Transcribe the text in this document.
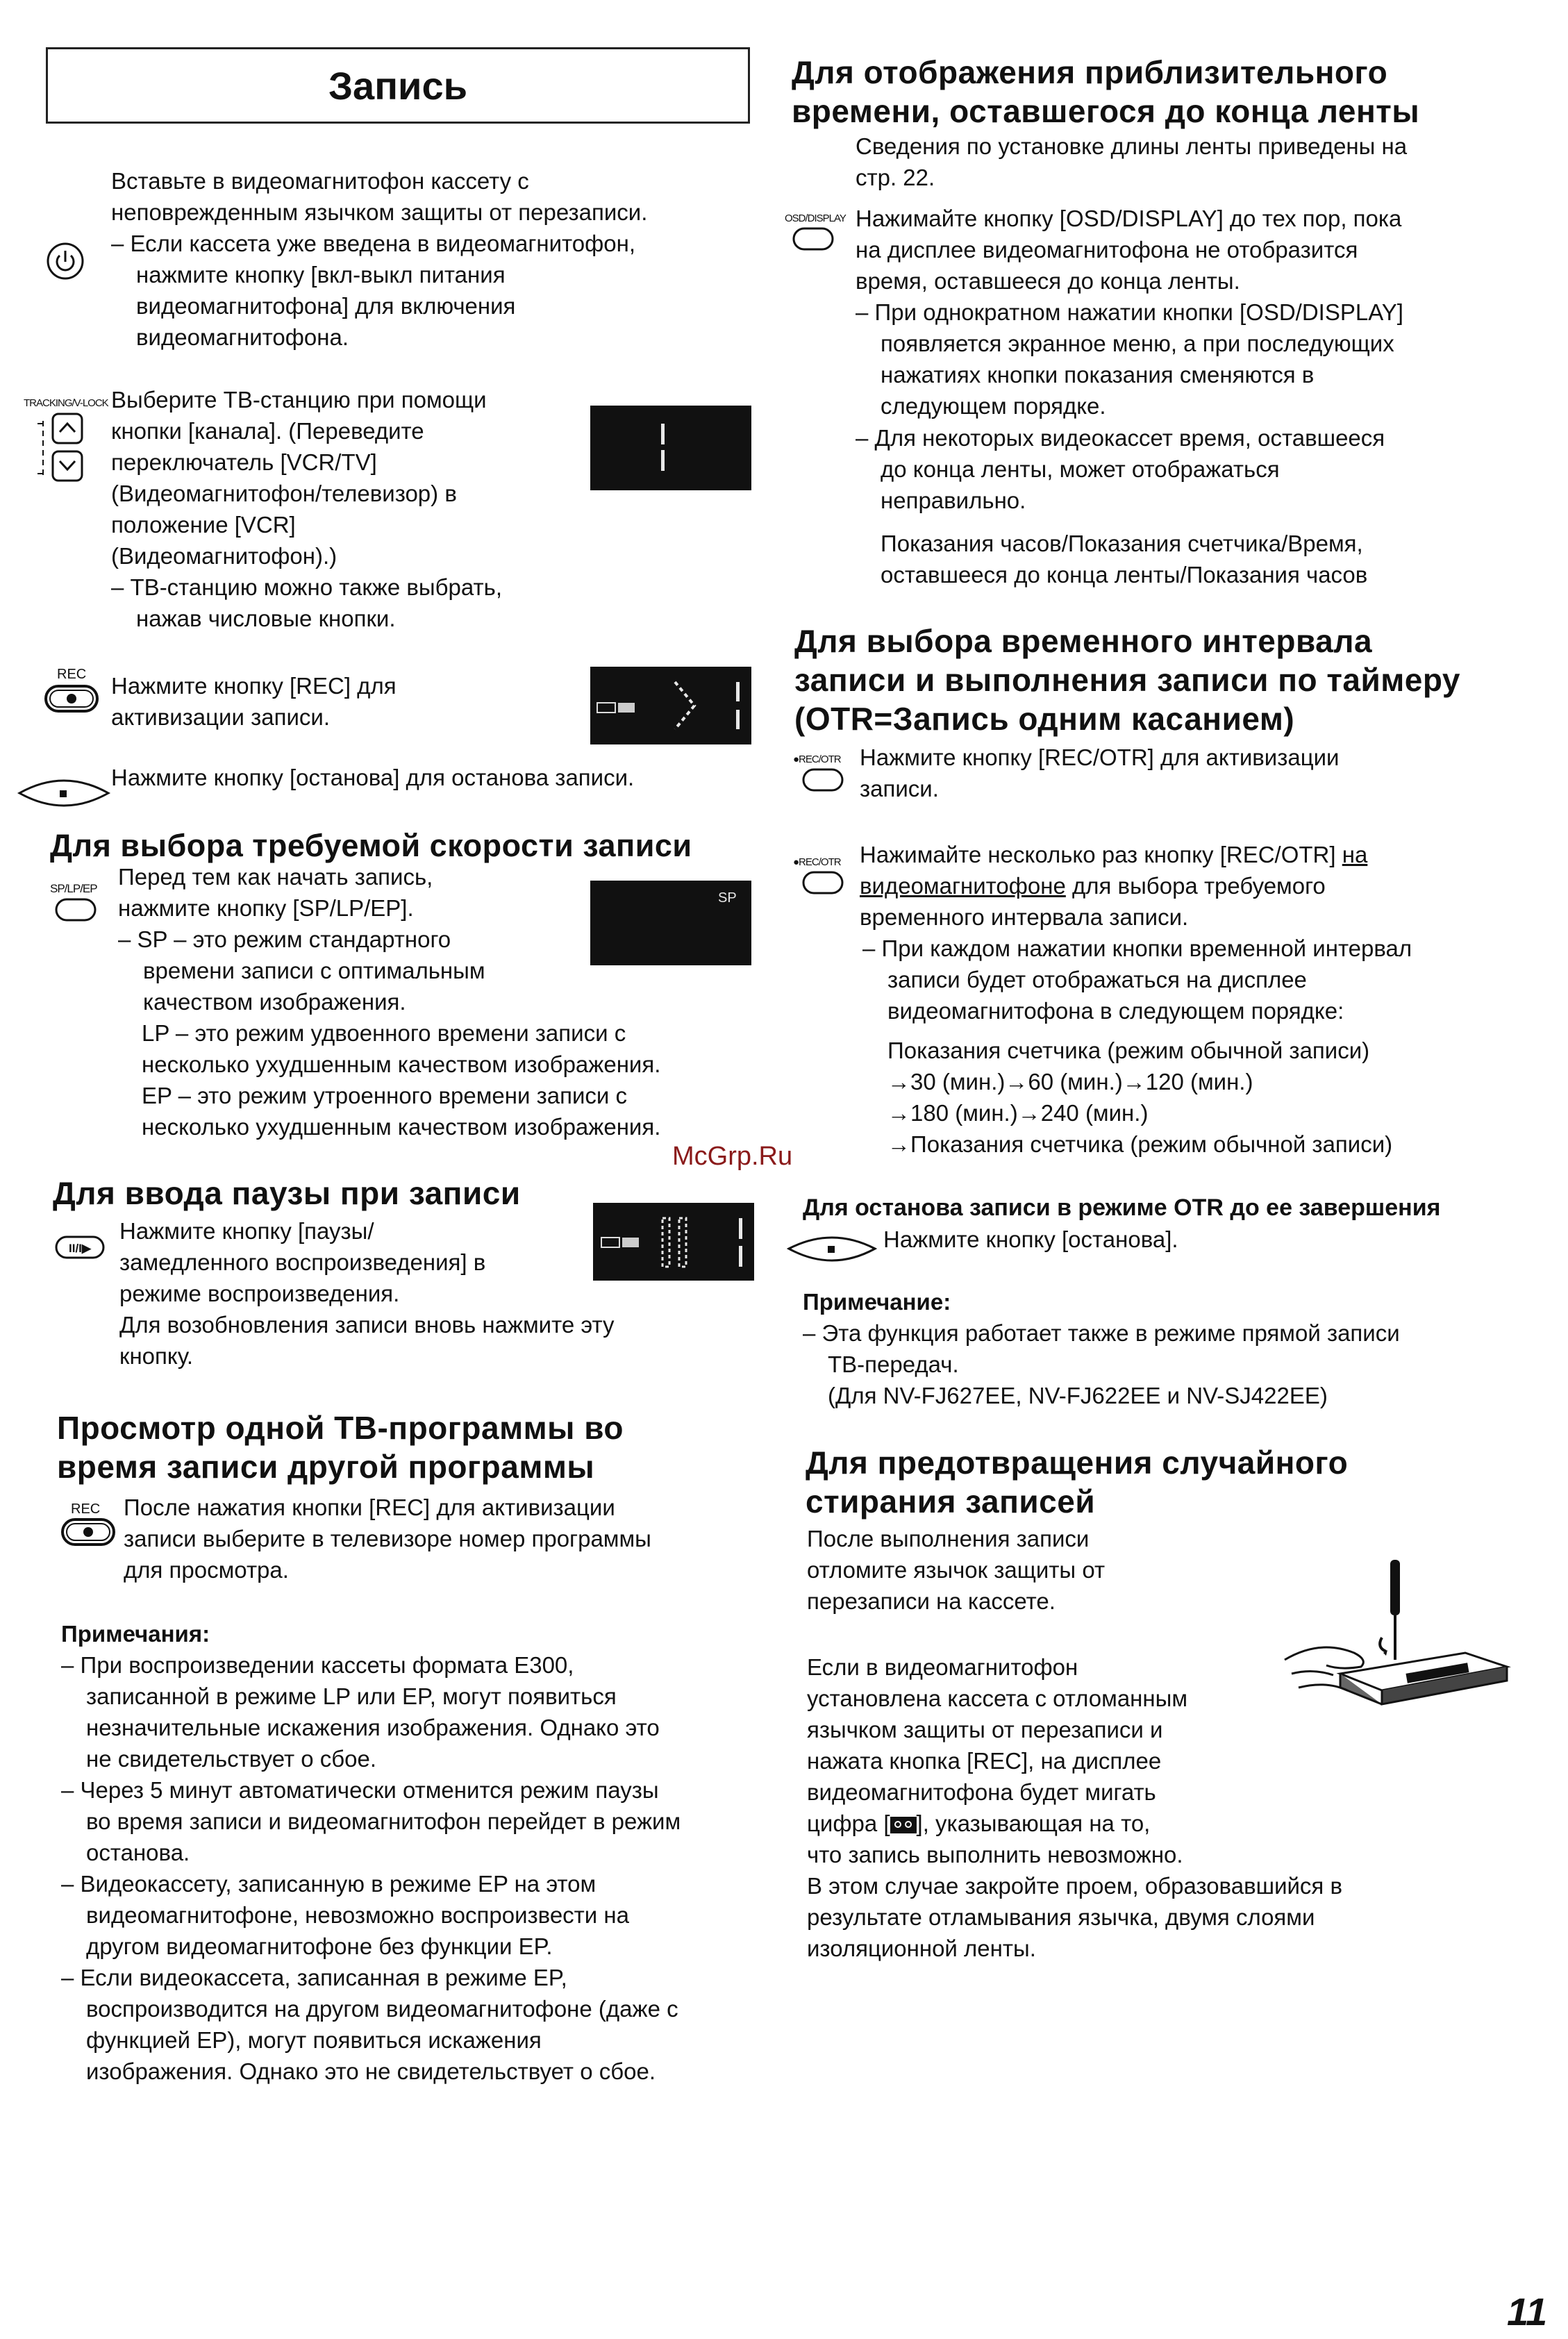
Запись

Вставьте в видеомагнитофон кассету с
неповрежденным язычком защиты от перезаписи.

– Если кассета уже введена в видеомагнитофон,
нажмите кнопку [вкл-выкл питания
видеомагнитофона] для включения
видеомагнитофона.

TRACKING/V-LOCK Выберите ТВ-станцию при помощи
кнопки [канала]. (Переведите
переключатель [VCR/TV]
(Видеомагнитофон/телевизор) в
положение [VCR]
(Видеомагнитофон).)

– ТВ-станцию можно также выбрать,
нажав числовые кнопки.

REC Нажмите кнопку [REC] для
активизации записи.

Нажмите кнопку [останова] для останова записи.

Для выбора требуемой скорости записи
SP/LP/EP Перед тем как начать запись,
нажмите кнопку [SP/LP/EP].	SP

– SP – это режим стандартного
времени записи с оптимальным
качеством изображения.

LP – это режим удвоенного времени записи с
несколько ухудшенным качеством изображения.

EP – это режим утроенного времени записи с
несколько ухудшенным качеством изображения.

Для ввода паузы при записи
II/I▶

Нажмите кнопку [паузы/
замедленного воспроизведения] в
режиме воспроизведения.

Для возобновления записи вновь нажмите эту
кнопку.

Просмотр одной ТВ-программы во
время записи другой программы
REC После нажатия кнопки [REC] для активизации
записи выберите в телевизоре номер программы
для просмотра.

Примечания:

– При воспроизведении кассеты формата E300,
записанной в режиме LP или EP, могут появиться
незначительные искажения изображения. Однако это
не свидетельствует о сбое.

– Через 5 минут автоматически отменится режим паузы
во время записи и видеомагнитофон перейдет в режим
останова.

– Видеокассету, записанную в режиме EP на этом
видеомагнитофоне, невозможно воспроизвести на
другом видеомагнитофоне без функции EP.

– Если видеокассета, записанная в режиме EP,
воспроизводится на другом видеомагнитофоне (даже с
функцией EP), могут появиться искажения
изображения. Однако это не свидетельствует о сбое.

Для отображения приблизительного
времени, оставшегося до конца ленты

Сведения по установке длины ленты приведены на
стр. 22.

OSD/DISPLAY Нажимайте кнопку [OSD/DISPLAY] до тех пор, пока
на дисплее видеомагнитофона не отобразится
время, оставшееся до конца ленты.

– При однократном нажатии кнопки [OSD/DISPLAY]
появляется экранное меню, а при последующих
нажатиях кнопки показания сменяются в
следующем порядке.

– Для некоторых видеокассет время, оставшееся
до конца ленты, может отображаться
неправильно.

Показания часов/Показания счетчика/Время,
оставшееся до конца ленты/Показания часов

Для выбора временного интервала
записи и выполнения записи по таймеру
(OTR=Запись одним касанием)
●REC/OTR Нажмите кнопку [REC/OTR] для активизации
записи.

●REC/OTR Нажимайте несколько раз кнопку [REC/OTR] на
видеомагнитофоне для выбора требуемого
временного интервала записи.

– При каждом нажатии кнопки временной интервал
записи будет отображаться на дисплее
видеомагнитофона в следующем порядке:

Показания счетчика (режим обычной записи)
→30 (мин.)→60 (мин.)→120 (мин.)
→180 (мин.)→240 (мин.)
→Показания счетчика (режим обычной записи)

Для останова записи в режиме OTR до ее завершения

Нажмите кнопку [останова].

Примечание:

– Эта функция работает также в режиме прямой записи
ТВ-передач.
(Для NV-FJ627EE, NV-FJ622EE и NV-SJ422EE)

Для предотвращения случайного
стирания записей

После выполнения записи
отломите язычок защиты от
перезаписи на кассете.

Если в видеомагнитофон
установлена кассета с отломанным
язычком защиты от перезаписи и
нажата кнопка [REC], на дисплее
видеомагнитофона будет мигать
цифра [ ], указывающая на то,
что запись выполнить невозможно.

В этом случае закройте проем, образовавшийся в
результате отламывания язычка, двумя слоями
изоляционной ленты.

McGrp.Ru
11
